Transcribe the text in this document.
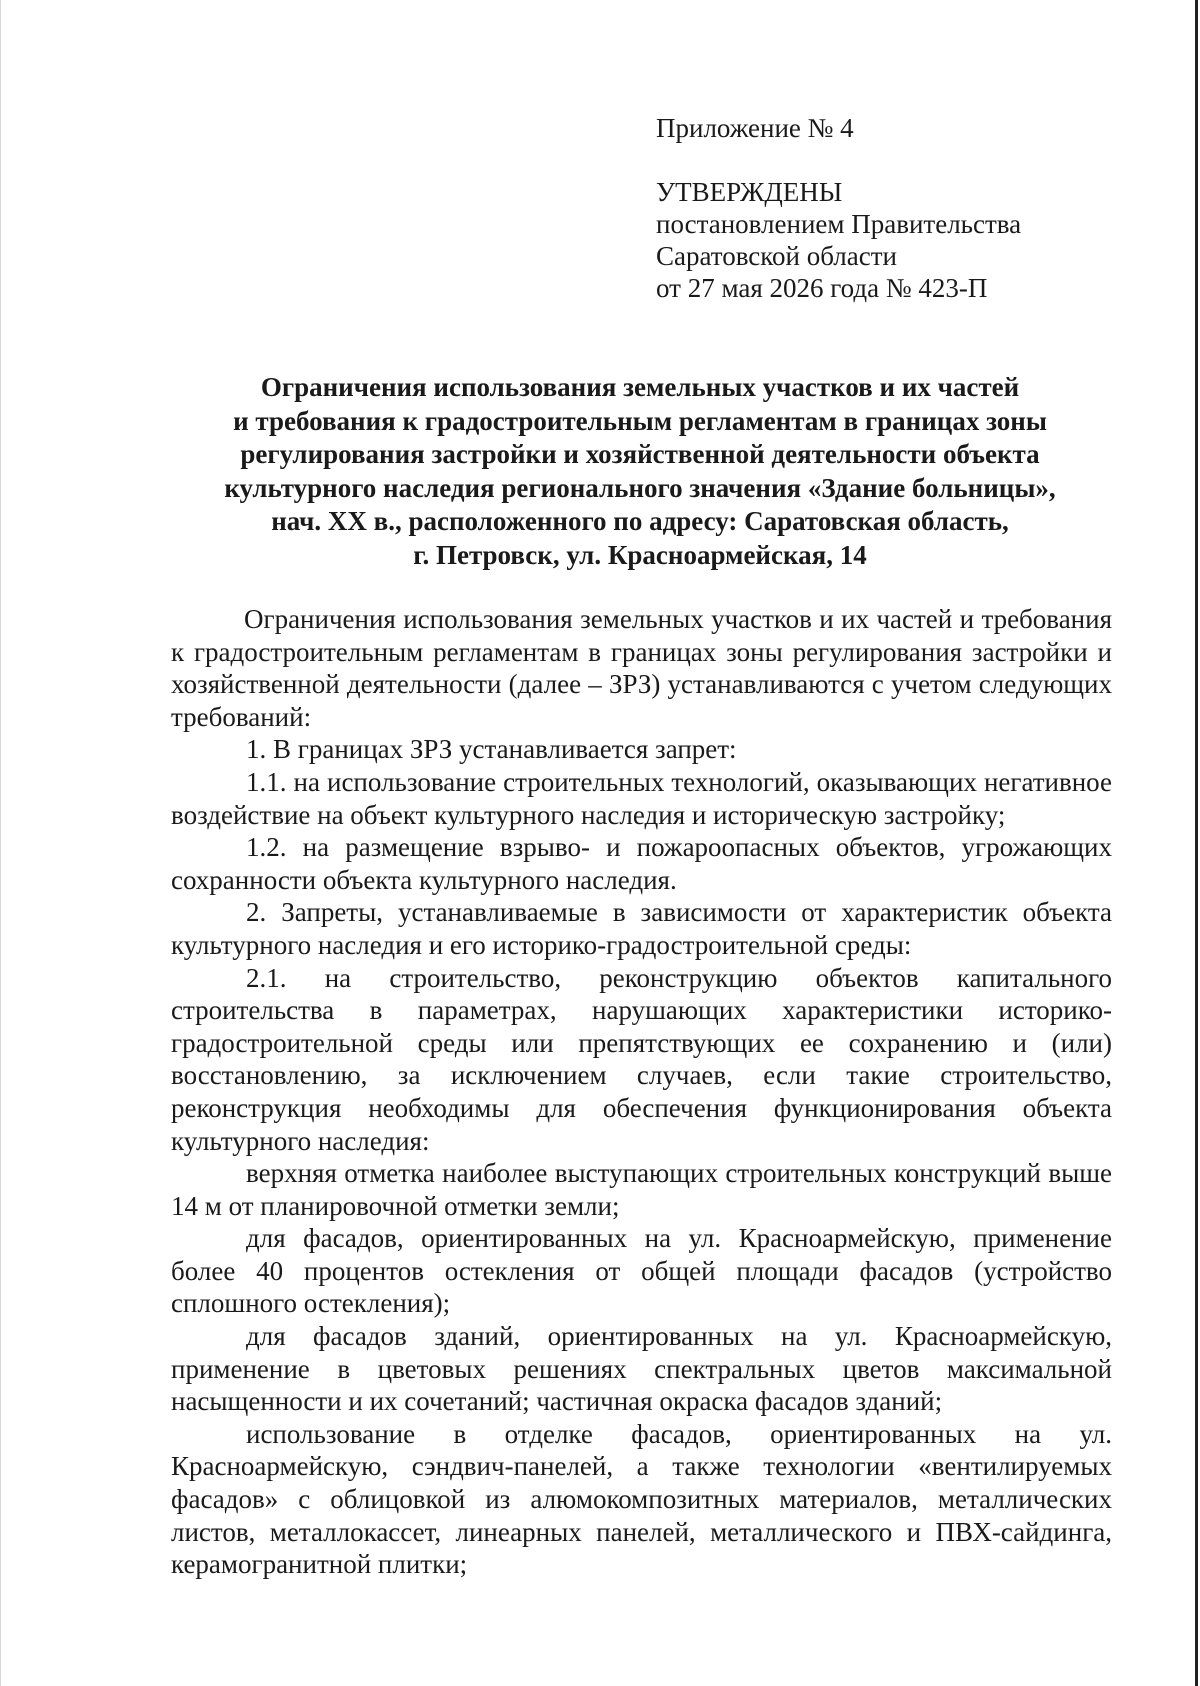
Приложение № 4
УТВЕРЖДЕНЫ
постановлением Правительства
Саратовской области
от 27 мая 2026 года № 423-П
Ограничения использования земельных участков и их частей
и требования к градостроительным регламентам в границах зоны
регулирования застройки и хозяйственной деятельности объекта
культурного наследия регионального значения «Здание больницы»,
нач. XX в., расположенного по адресу: Саратовская область,
г. Петровск, ул. Красноармейская, 14

Ограничения использования земельных участков и их частей и требования к градостроительным регламентам в границах зоны регулирования застройки и хозяйственной деятельности (далее – ЗРЗ) устанавливаются с учетом следующих требований:

1. В границах ЗРЗ устанавливается запрет:

1.1. на использование строительных технологий, оказывающих негативное воздействие на объект культурного наследия и историческую застройку;

1.2. на размещение взрыво- и пожароопасных объектов, угрожающих сохранности объекта культурного наследия.

2. Запреты, устанавливаемые в зависимости от характеристик объекта культурного наследия и его историко-градостроительной среды:

2.1. на строительство, реконструкцию объектов капитального строительства в параметрах, нарушающих характеристики историко-градостроительной среды или препятствующих ее сохранению и (или) восстановлению, за исключением случаев, если такие строительство, реконструкция необходимы для обеспечения функционирования объекта культурного наследия:

верхняя отметка наиболее выступающих строительных конструкций выше 14 м от планировочной отметки земли;

для фасадов, ориентированных на ул. Красноармейскую, применение более 40 процентов остекления от общей площади фасадов (устройство сплошного остекления);

для фасадов зданий, ориентированных на ул. Красноармейскую, применение в цветовых решениях спектральных цветов максимальной насыщенности и их сочетаний; частичная окраска фасадов зданий;

использование в отделке фасадов, ориентированных на ул. Красноармейскую, сэндвич-панелей, а также технологии «вентилируемых фасадов» с облицовкой из алюмокомпозитных материалов, металлических листов, металлокассет, линеарных панелей, металлического и ПВХ-сайдинга, керамогранитной плитки;
